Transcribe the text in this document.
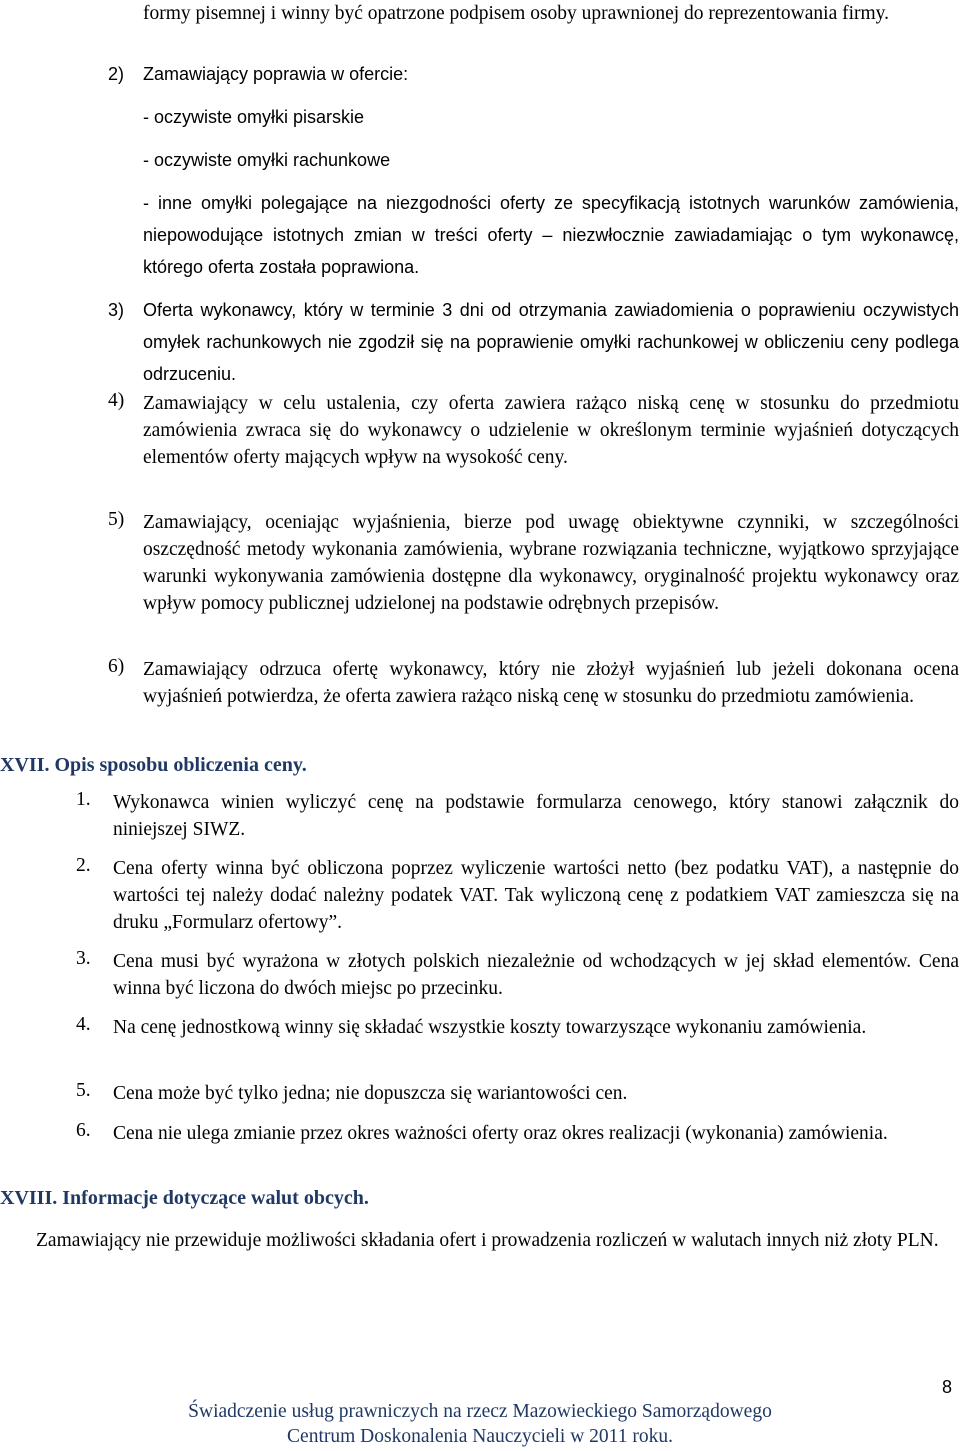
formy pisemnej i winny być opatrzone podpisem osoby uprawnionej do reprezentowania firmy.
2) Zamawiający poprawia w ofercie:
- oczywiste omyłki pisarskie
- oczywiste omyłki rachunkowe
- inne omyłki polegające na niezgodności oferty ze specyfikacją istotnych warunków zamówienia, niepowodujące istotnych zmian w treści oferty – niezwłocznie zawiadamiając o tym wykonawcę, którego oferta została poprawiona.
3) Oferta wykonawcy, który w terminie 3 dni od otrzymania zawiadomienia o poprawieniu oczywistych omyłek rachunkowych nie zgodził się na poprawienie omyłki rachunkowej w obliczeniu ceny podlega odrzuceniu.
4) Zamawiający w celu ustalenia, czy oferta zawiera rażąco niską cenę w stosunku do przedmiotu zamówienia zwraca się do wykonawcy o udzielenie w określonym terminie wyjaśnień dotyczących elementów oferty mających wpływ na wysokość ceny.
5) Zamawiający, oceniając wyjaśnienia, bierze pod uwagę obiektywne czynniki, w szczególności oszczędność metody wykonania zamówienia, wybrane rozwiązania techniczne, wyjątkowo sprzyjające warunki wykonywania zamówienia dostępne dla wykonawcy, oryginalność projektu wykonawcy oraz wpływ pomocy publicznej udzielonej na podstawie odrębnych przepisów.
6) Zamawiający odrzuca ofertę wykonawcy, który nie złożył wyjaśnień lub jeżeli dokonana ocena wyjaśnień potwierdza, że oferta zawiera rażąco niską cenę w stosunku do przedmiotu zamówienia.
XVII. Opis sposobu obliczenia ceny.
1. Wykonawca winien wyliczyć cenę na podstawie formularza cenowego, który stanowi załącznik do niniejszej SIWZ.
2. Cena oferty winna być obliczona poprzez wyliczenie wartości netto (bez podatku VAT), a następnie do wartości tej należy dodać należny podatek VAT. Tak wyliczoną cenę z podatkiem VAT zamieszcza się na druku „Formularz ofertowy”.
3. Cena musi być wyrażona w złotych polskich niezależnie od wchodzących w jej skład elementów. Cena winna być liczona do dwóch miejsc po przecinku.
4. Na cenę jednostkową winny się składać wszystkie koszty towarzyszące wykonaniu zamówienia.
5. Cena może być tylko jedna; nie dopuszcza się wariantowości cen.
6. Cena nie ulega zmianie przez okres ważności oferty oraz okres realizacji (wykonania) zamówienia.
XVIII. Informacje dotyczące walut obcych.
Zamawiający nie przewiduje możliwości składania ofert i prowadzenia rozliczeń w walutach innych niż złoty PLN.
8
Świadczenie usług prawniczych na rzecz Mazowieckiego Samorządowego
Centrum Doskonalenia Nauczycieli w 2011 roku.
